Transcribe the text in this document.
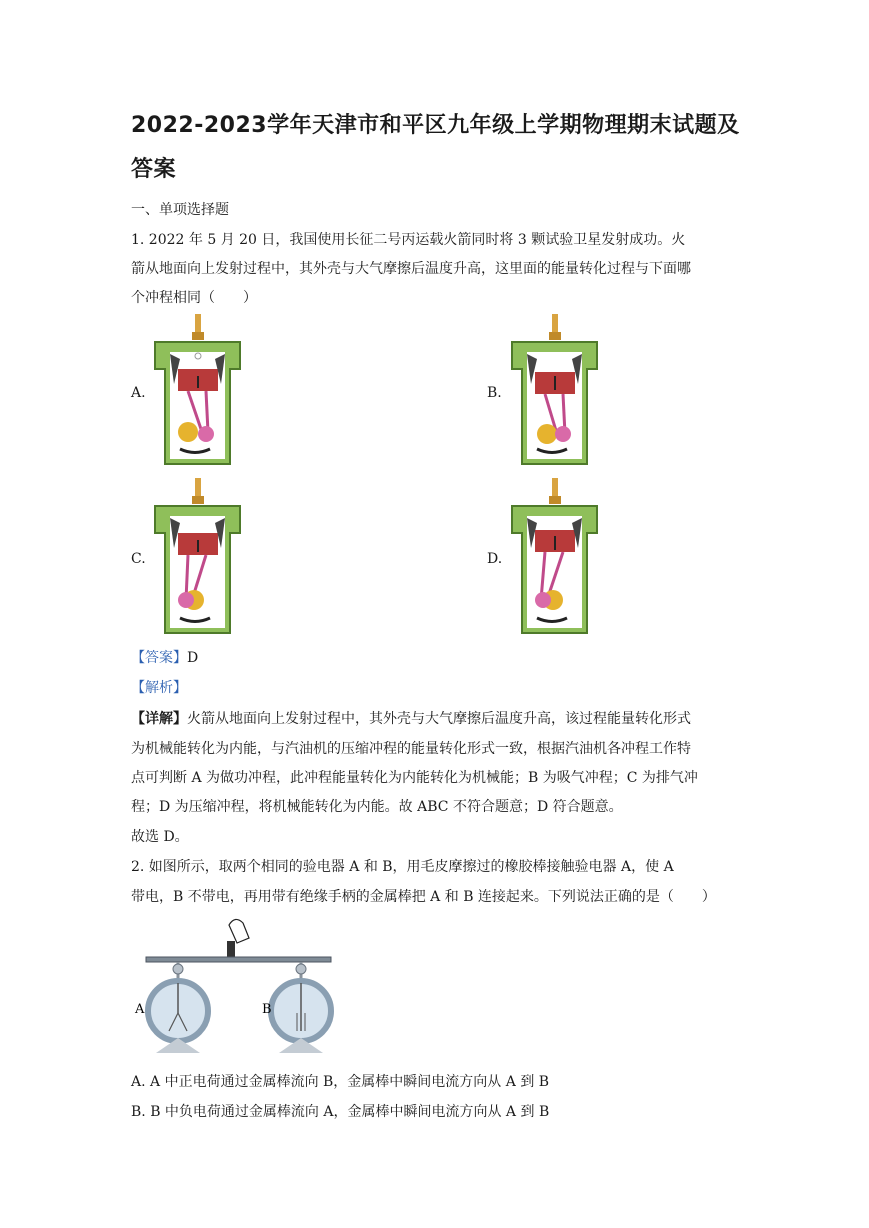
2022-2023学年天津市和平区九年级上学期物理期末试题及
答案
一、单项选择题
1. 2022 年 5 月 20 日，我国使用长征二号丙运载火箭同时将 3 颗试验卫星发射成功。火
箭从地面向上发射过程中，其外壳与大气摩擦后温度升高，这里面的能量转化过程与下面哪
个冲程相同（　　）
A.	B.
C.	D.
【答案】D
【解析】
【详解】火箭从地面向上发射过程中，其外壳与大气摩擦后温度升高，该过程能量转化形式
为机械能转化为内能，与汽油机的压缩冲程的能量转化形式一致，根据汽油机各冲程工作特
点可判断 A 为做功冲程，此冲程能量转化为内能转化为机械能；B 为吸气冲程；C 为排气冲
程；D 为压缩冲程，将机械能转化为内能。故 ABC 不符合题意；D 符合题意。
故选 D。
2. 如图所示，取两个相同的验电器 A 和 B，用毛皮摩擦过的橡胶棒接触验电器 A，使 A
带电，B 不带电，再用带有绝缘手柄的金属棒把 A 和 B 连接起来。下列说法正确的是（　　）
A	B
A. A 中正电荷通过金属棒流向 B，金属棒中瞬间电流方向从 A 到 B
B. B 中负电荷通过金属棒流向 A，金属棒中瞬间电流方向从 A 到 B
